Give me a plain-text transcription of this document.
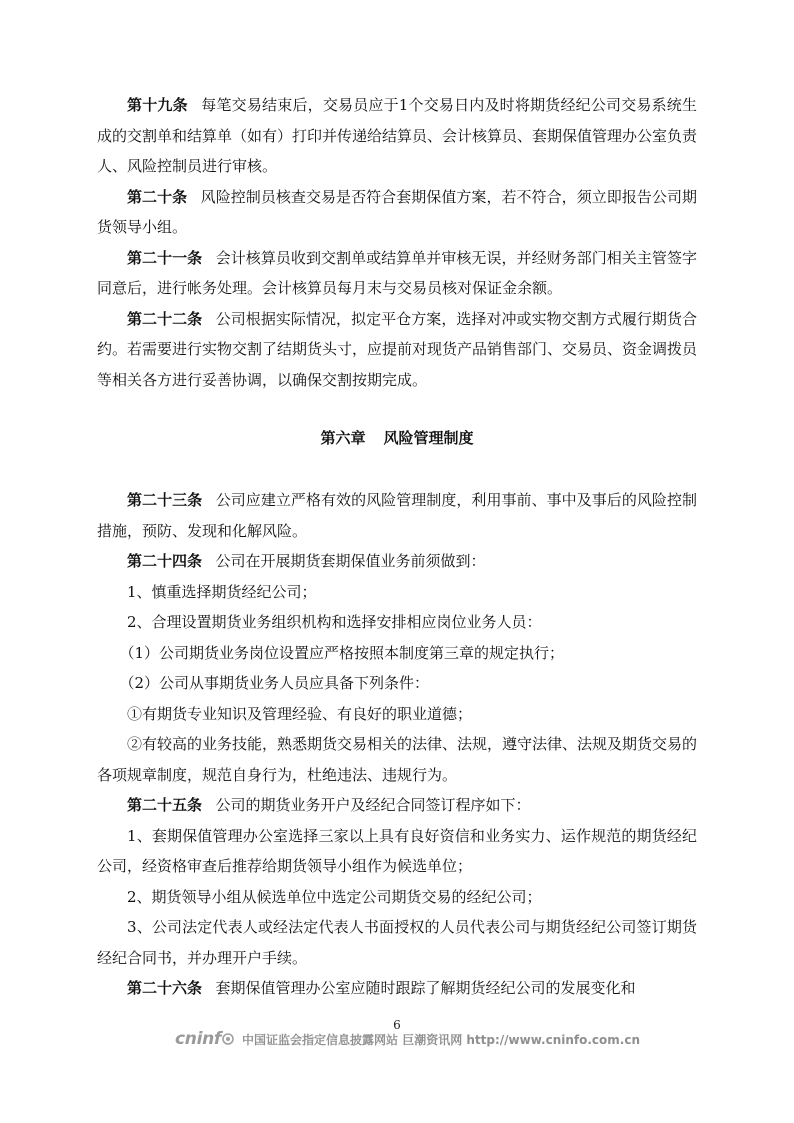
第十九条 每笔交易结束后，交易员应于1个交易日内及时将期货经纪公司交易系统生成的交割单和结算单（如有）打印并传递给结算员、会计核算员、套期保值管理办公室负责人、风险控制员进行审核。

第二十条 风险控制员核查交易是否符合套期保值方案，若不符合，须立即报告公司期货领导小组。

第二十一条 会计核算员收到交割单或结算单并审核无误，并经财务部门相关主管签字同意后，进行帐务处理。会计核算员每月末与交易员核对保证金余额。

第二十二条 公司根据实际情况，拟定平仓方案，选择对冲或实物交割方式履行期货合约。若需要进行实物交割了结期货头寸，应提前对现货产品销售部门、交易员、资金调拨员等相关各方进行妥善协调，以确保交割按期完成。

第六章 风险管理制度

第二十三条 公司应建立严格有效的风险管理制度，利用事前、事中及事后的风险控制措施，预防、发现和化解风险。

第二十四条 公司在开展期货套期保值业务前须做到：

1、慎重选择期货经纪公司；

2、合理设置期货业务组织机构和选择安排相应岗位业务人员：

（1）公司期货业务岗位设置应严格按照本制度第三章的规定执行；

（2）公司从事期货业务人员应具备下列条件：

①有期货专业知识及管理经验、有良好的职业道德；

②有较高的业务技能，熟悉期货交易相关的法律、法规，遵守法律、法规及期货交易的各项规章制度，规范自身行为，杜绝违法、违规行为。

第二十五条 公司的期货业务开户及经纪合同签订程序如下：

1、套期保值管理办公室选择三家以上具有良好资信和业务实力、运作规范的期货经纪公司，经资格审查后推荐给期货领导小组作为候选单位；

2、期货领导小组从候选单位中选定公司期货交易的经纪公司；

3、公司法定代表人或经法定代表人书面授权的人员代表公司与期货经纪公司签订期货经纪合同书，并办理开户手续。

第二十六条 套期保值管理办公室应随时跟踪了解期货经纪公司的发展变化和

6
cninf 中国证监会指定信息披露网站 巨潮资讯网 http://www.cninfo.com.cn
